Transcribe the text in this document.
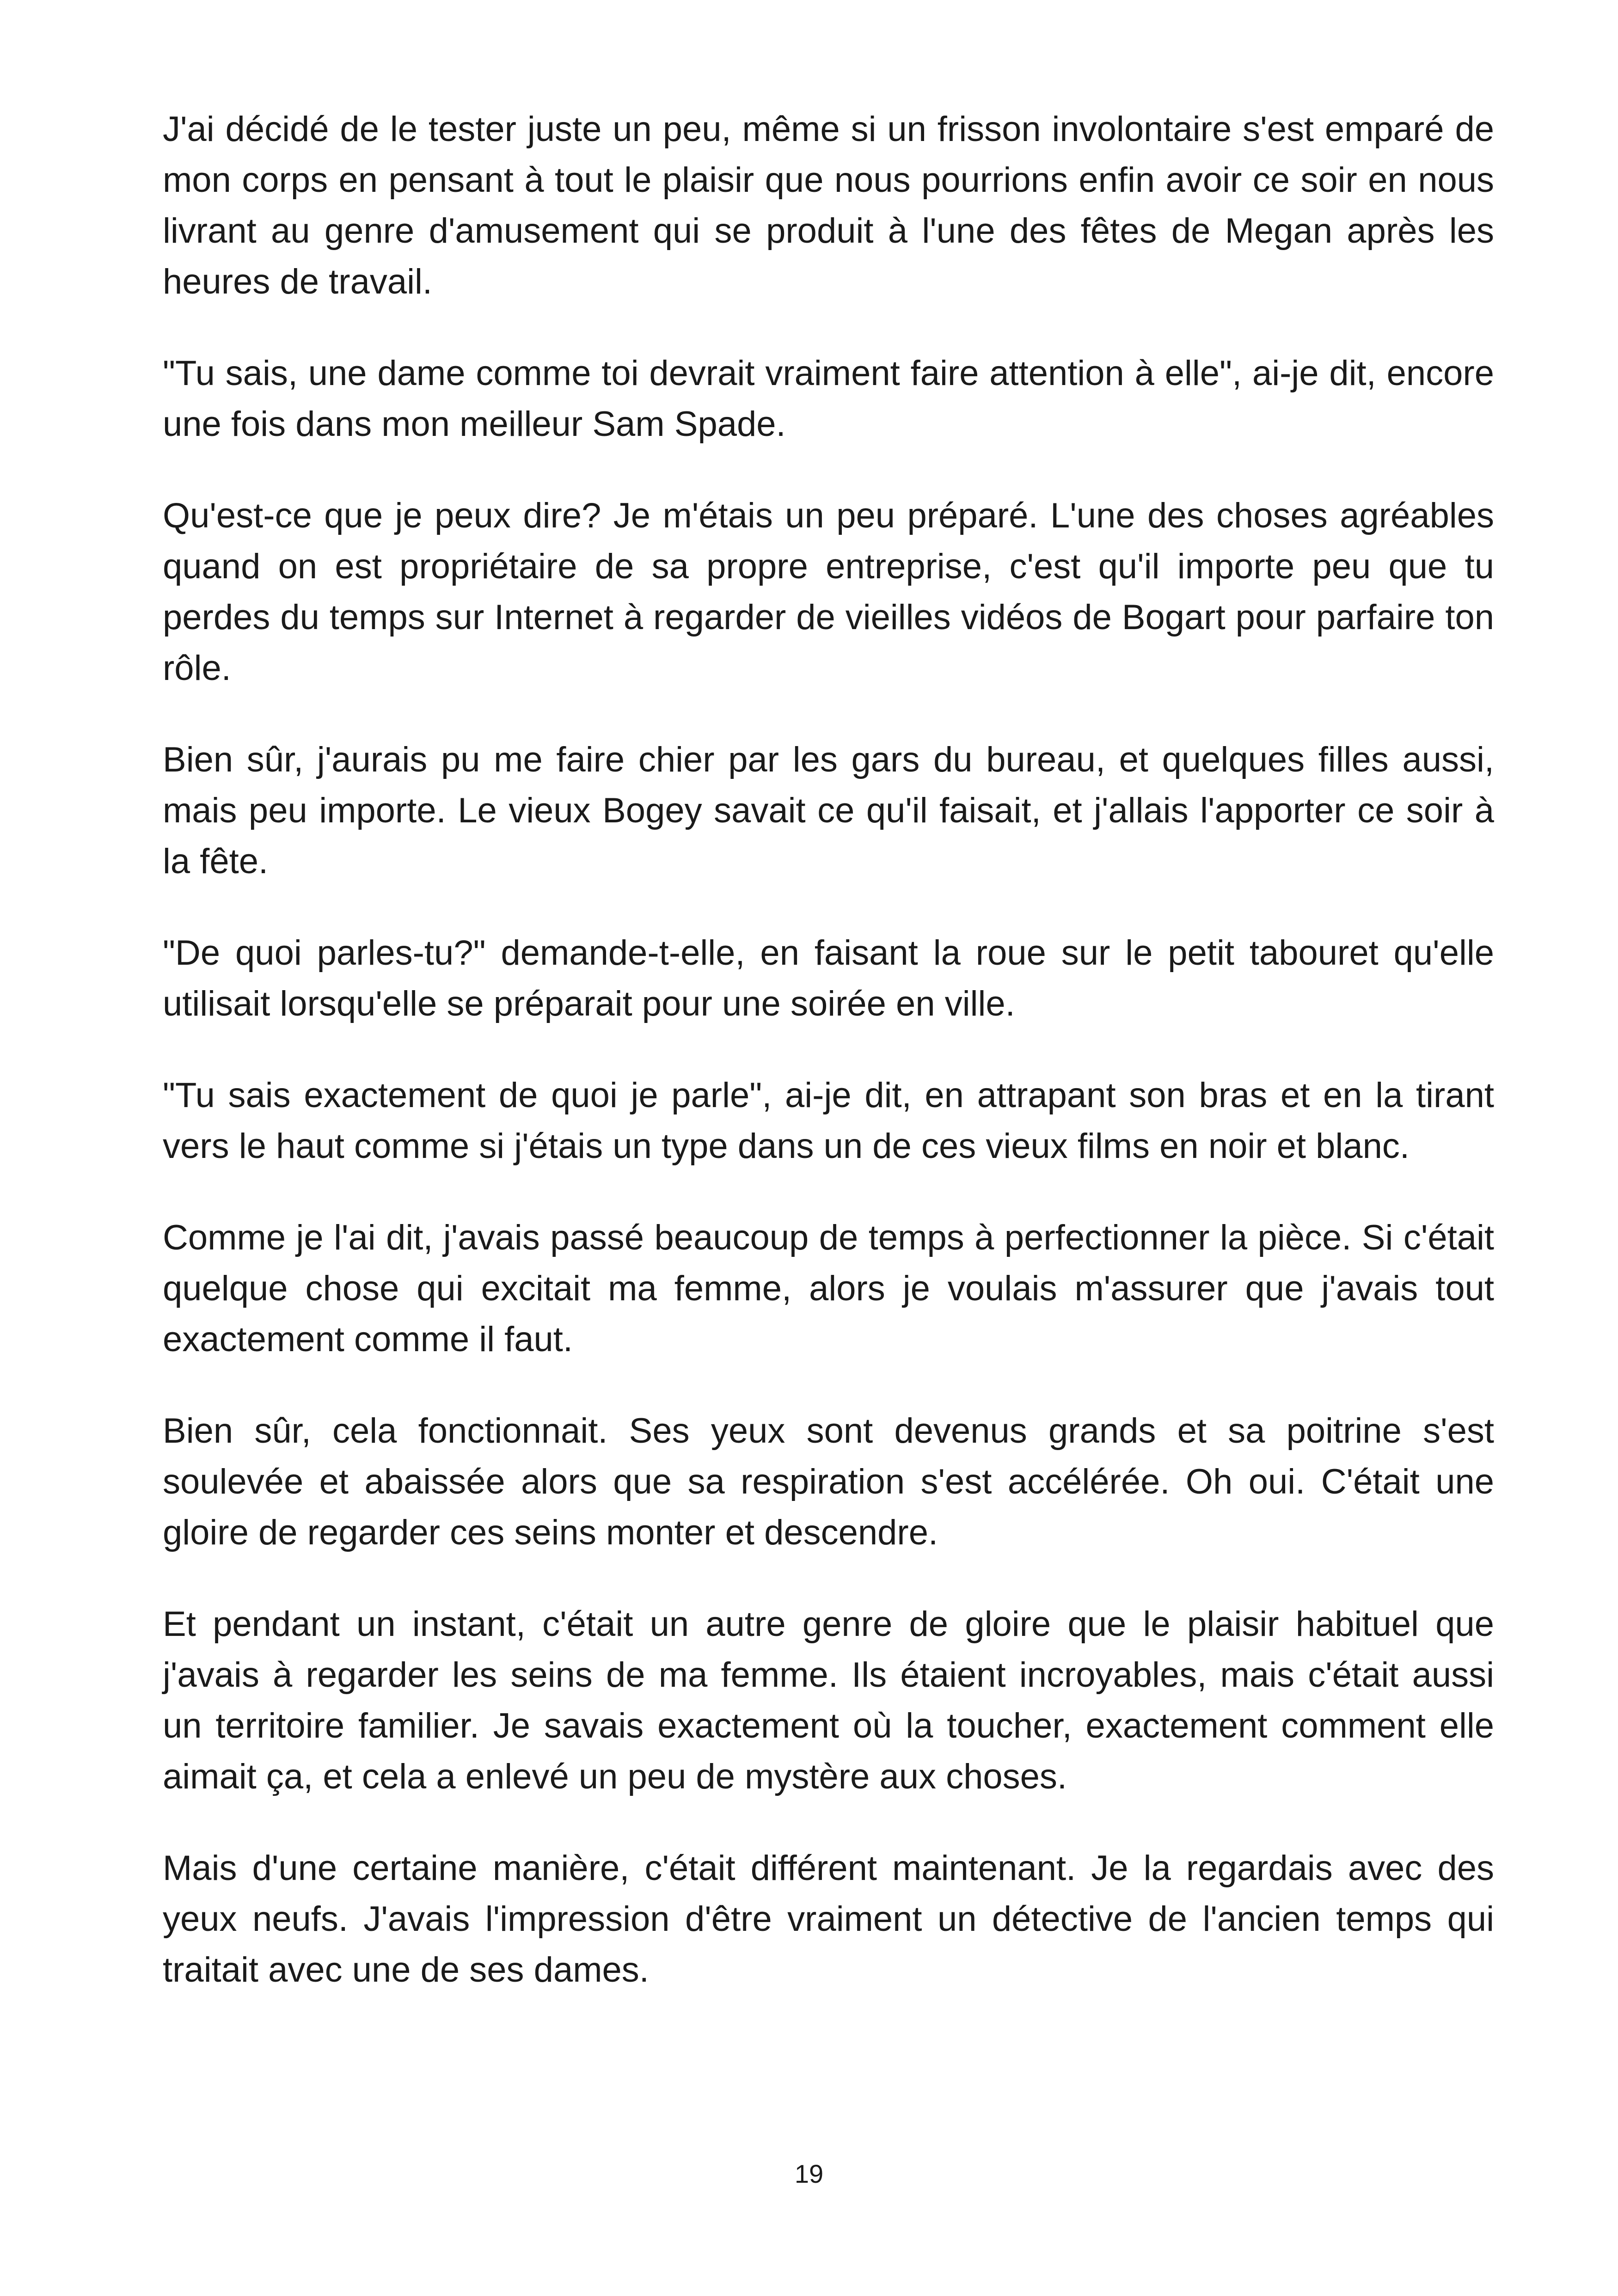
J'ai décidé de le tester juste un peu, même si un frisson involontaire s'est emparé de mon corps en pensant à tout le plaisir que nous pourrions enfin avoir ce soir en nous livrant au genre d'amusement qui se produit à l'une des fêtes de Megan après les heures de travail.

"Tu sais, une dame comme toi devrait vraiment faire attention à elle", ai-je dit, encore une fois dans mon meilleur Sam Spade.

Qu'est-ce que je peux dire? Je m'étais un peu préparé. L'une des choses agréables quand on est propriétaire de sa propre entreprise, c'est qu'il importe peu que tu perdes du temps sur Internet à regarder de vieilles vidéos de Bogart pour parfaire ton rôle.

Bien sûr, j'aurais pu me faire chier par les gars du bureau, et quelques filles aussi, mais peu importe. Le vieux Bogey savait ce qu'il faisait, et j'allais l'apporter ce soir à la fête.

"De quoi parles-tu?" demande-t-elle, en faisant la roue sur le petit tabouret qu'elle utilisait lorsqu'elle se préparait pour une soirée en ville.

"Tu sais exactement de quoi je parle", ai-je dit, en attrapant son bras et en la tirant vers le haut comme si j'étais un type dans un de ces vieux films en noir et blanc.

Comme je l'ai dit, j'avais passé beaucoup de temps à perfectionner la pièce. Si c'était quelque chose qui excitait ma femme, alors je voulais m'assurer que j'avais tout exactement comme il faut.

Bien sûr, cela fonctionnait. Ses yeux sont devenus grands et sa poitrine s'est soulevée et abaissée alors que sa respiration s'est accélérée. Oh oui. C'était une gloire de regarder ces seins monter et descendre.

Et pendant un instant, c'était un autre genre de gloire que le plaisir habituel que j'avais à regarder les seins de ma femme. Ils étaient incroyables, mais c'était aussi un territoire familier. Je savais exactement où la toucher, exactement comment elle aimait ça, et cela a enlevé un peu de mystère aux choses.

Mais d'une certaine manière, c'était différent maintenant. Je la regardais avec des yeux neufs. J'avais l'impression d'être vraiment un détective de l'ancien temps qui traitait avec une de ses dames.

19
